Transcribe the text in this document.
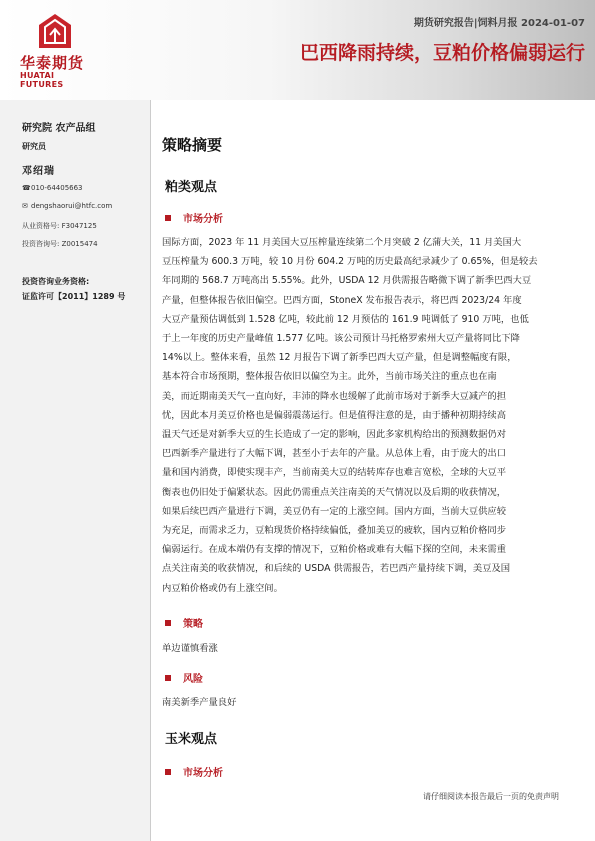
华泰期货
HUATAI FUTURES
期货研究报告|饲料月报 2024-01-07
巴西降雨持续，豆粕价格偏弱运行
研究院 农产品组
研究员
邓绍瑞
☎010-64405663
✉ dengshaorui@htfc.com
从业资格号: F3047125
投资咨询号: Z0015474
投资咨询业务资格:
证监许可【2011】1289 号
策略摘要
粕类观点
市场分析
国际方面，2023 年 11 月美国大豆压榨量连续第二个月突破 2 亿蒲大关，11 月美国大
豆压榨量为 600.3 万吨，较 10 月份 604.2 万吨的历史最高纪录减少了 0.65%，但是较去
年同期的 568.7 万吨高出 5.55%。此外，USDA 12 月供需报告略微下调了新季巴西大豆
产量，但整体报告依旧偏空。巴西方面，StoneX 发布报告表示，将巴西 2023/24 年度
大豆产量预估调低到 1.528 亿吨，较此前 12 月预估的 161.9 吨调低了 910 万吨，也低
于上一年度的历史产量峰值 1.577 亿吨。该公司预计马托格罗索州大豆产量将同比下降
14%以上。整体来看，虽然 12 月报告下调了新季巴西大豆产量，但是调整幅度有限，
基本符合市场预期，整体报告依旧以偏空为主。此外，当前市场关注的重点也在南
美，而近期南美天气一直向好，丰沛的降水也缓解了此前市场对于新季大豆减产的担
忧，因此本月美豆价格也是偏弱震荡运行。但是值得注意的是，由于播种初期持续高
温天气还是对新季大豆的生长造成了一定的影响，因此多家机构给出的预测数据仍对
巴西新季产量进行了大幅下调，甚至小于去年的产量。从总体上看，由于庞大的出口
量和国内消费，即使实现丰产，当前南美大豆的结转库存也难言宽松，全球的大豆平
衡表也仍旧处于偏紧状态。因此仍需重点关注南美的天气情况以及后期的收获情况，
如果后续巴西产量进行下调，美豆仍有一定的上涨空间。国内方面，当前大豆供应较
为充足，而需求乏力，豆粕现货价格持续偏低，叠加美豆的疲软，国内豆粕价格同步
偏弱运行。在成本端仍有支撑的情况下，豆粕价格或难有大幅下探的空间，未来需重
点关注南美的收获情况，和后续的 USDA 供需报告，若巴西产量持续下调，美豆及国
内豆粕价格或仍有上涨空间。
策略
单边谨慎看涨
风险
南美新季产量良好
玉米观点
市场分析
请仔细阅读本报告最后一页的免责声明
